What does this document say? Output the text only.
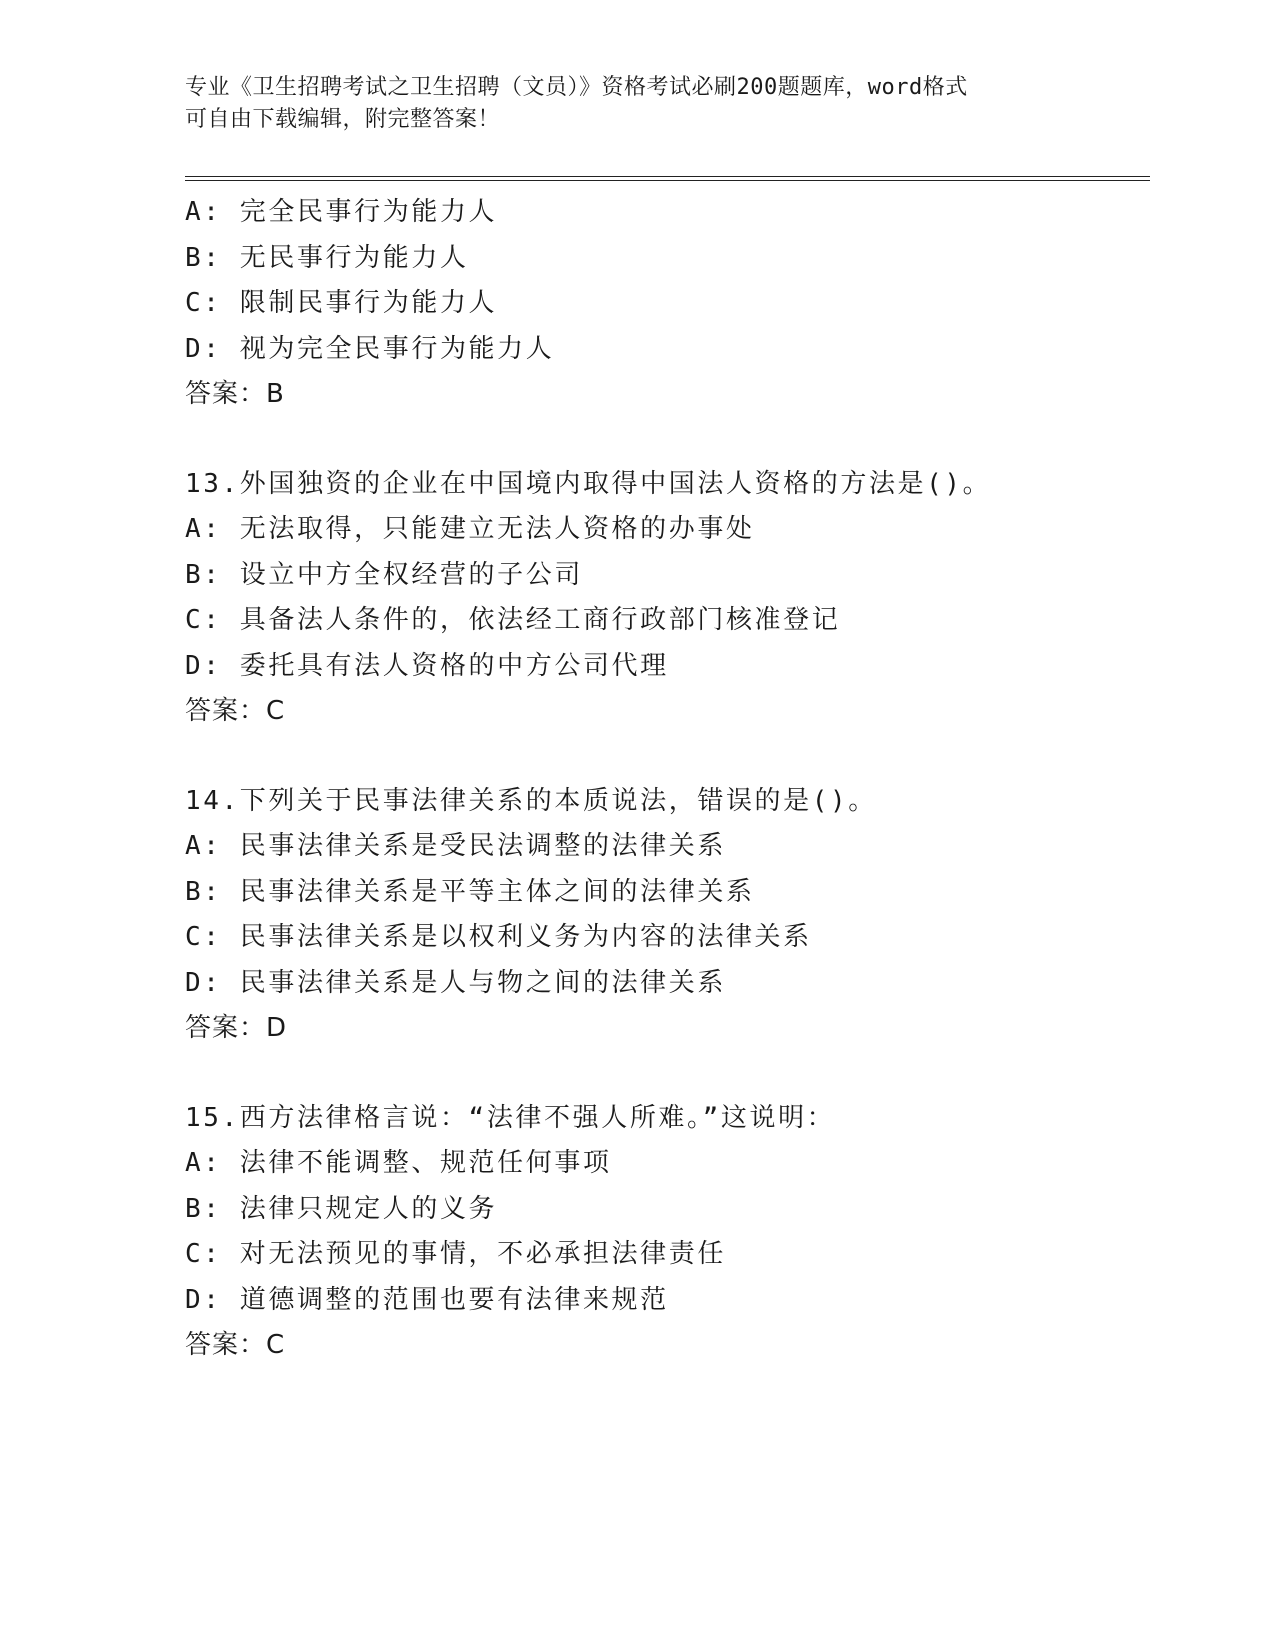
专业《卫生招聘考试之卫生招聘（文员）》资格考试必刷200题题库，word格式
可自由下载编辑，附完整答案！
A: 完全民事行为能力人
B: 无民事行为能力人
C: 限制民事行为能力人
D: 视为完全民事行为能力人
答案：B
13.外国独资的企业在中国境内取得中国法人资格的方法是()。
A: 无法取得，只能建立无法人资格的办事处
B: 设立中方全权经营的子公司
C: 具备法人条件的，依法经工商行政部门核准登记
D: 委托具有法人资格的中方公司代理
答案：C
14.下列关于民事法律关系的本质说法，错误的是()。
A: 民事法律关系是受民法调整的法律关系
B: 民事法律关系是平等主体之间的法律关系
C: 民事法律关系是以权利义务为内容的法律关系
D: 民事法律关系是人与物之间的法律关系
答案：D
15.西方法律格言说：“法律不强人所难。”这说明：
A: 法律不能调整、规范任何事项
B: 法律只规定人的义务
C: 对无法预见的事情，不必承担法律责任
D: 道德调整的范围也要有法律来规范
答案：C
